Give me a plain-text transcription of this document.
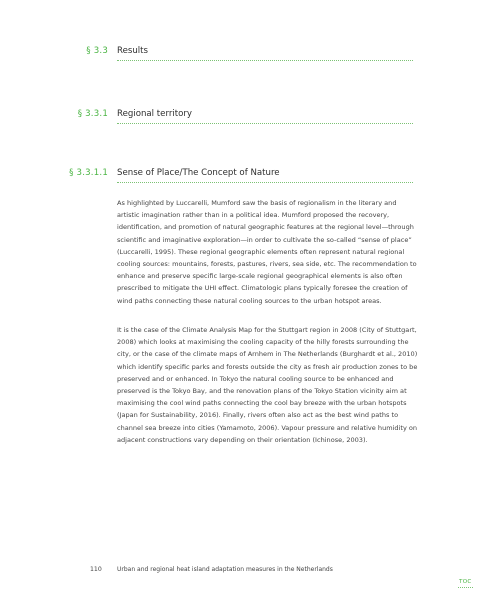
§ 3.3 Results
§ 3.3.1 Regional territory
§ 3.3.1.1 Sense of Place/The Concept of Nature

As highlighted by Luccarelli, Mumford saw the basis of regionalism in the literary and artistic imagination rather than in a political idea. Mumford proposed the recovery, identification, and promotion of natural geographic features at the regional level—through scientific and imaginative exploration—in order to cultivate the so-called “sense of place” (Luccarelli, 1995). These regional geographic elements often represent natural regional cooling sources: mountains, forests, pastures, rivers, sea side, etc. The recommendation to enhance and preserve specific large-scale regional geographical elements is also often prescribed to mitigate the UHI effect. Climatologic plans typically foresee the creation of wind paths connecting these natural cooling sources to the urban hotspot areas.

It is the case of the Climate Analysis Map for the Stuttgart region in 2008 (City of Stuttgart, 2008) which looks at maximising the cooling capacity of the hilly forests surrounding the city, or the case of the climate maps of Arnhem in The Netherlands (Burghardt et al., 2010) which identify specific parks and forests outside the city as fresh air production zones to be preserved and or enhanced. In Tokyo the natural cooling source to be enhanced and preserved is the Tokyo Bay, and the renovation plans of the Tokyo Station vicinity aim at maximising the cool wind paths connecting the cool bay breeze with the urban hotspots (Japan for Sustainability, 2016). Finally, rivers often also act as the best wind paths to channel sea breeze into cities (Yamamoto, 2006). Vapour pressure and relative humidity on adjacent constructions vary depending on their orientation (Ichinose, 2003).

110	Urban and regional heat island adaptation measures in the Netherlands
TOC
